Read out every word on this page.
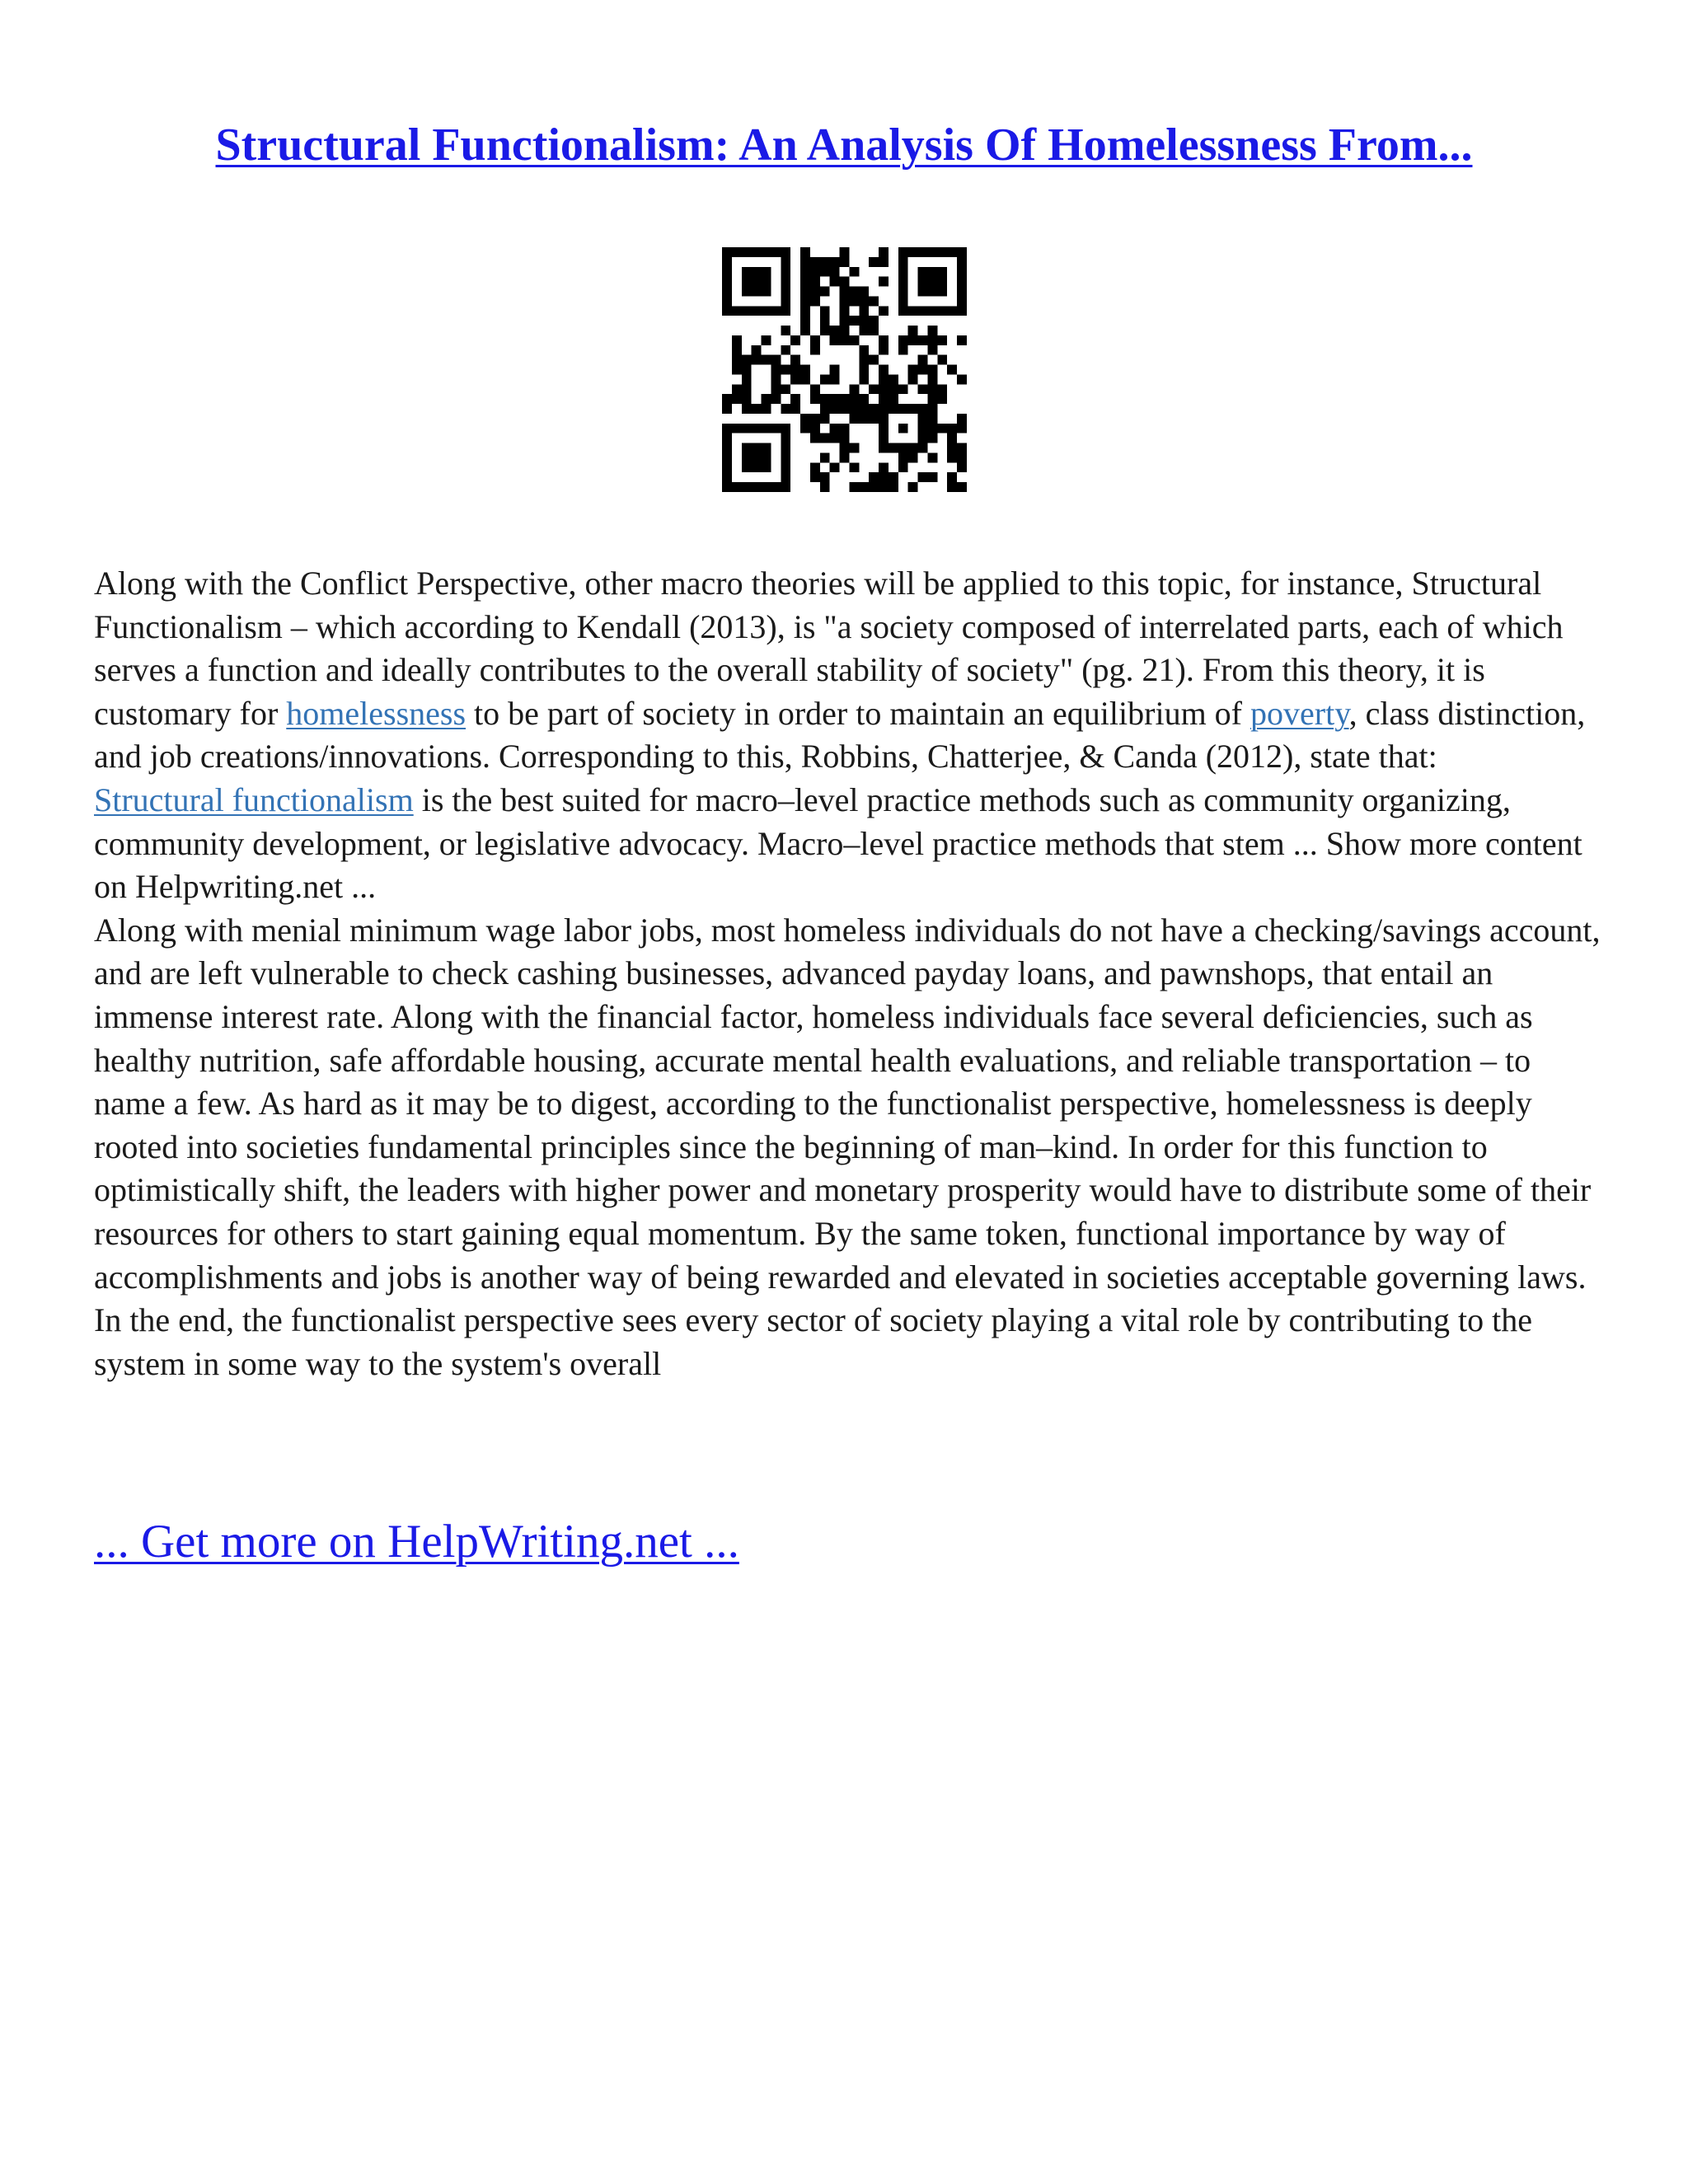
Structural Functionalism: An Analysis Of Homelessness From...

Along with the Conflict Perspective, other macro theories will be applied to this topic, for instance, Structural Functionalism – which according to Kendall (2013), is "a society composed of interrelated parts, each of which serves a function and ideally contributes to the overall stability of society" (pg. 21). From this theory, it is customary for homelessness to be part of society in order to maintain an equilibrium of poverty, class distinction, and job creations/innovations. Corresponding to this, Robbins, Chatterjee, & Canda (2012), state that:

Structural functionalism is the best suited for macro–level practice methods such as community organizing, community development, or legislative advocacy. Macro–level practice methods that stem ... Show more content on Helpwriting.net ...

Along with menial minimum wage labor jobs, most homeless individuals do not have a checking/savings account, and are left vulnerable to check cashing businesses, advanced payday loans, and pawnshops, that entail an immense interest rate. Along with the financial factor, homeless individuals face several deficiencies, such as healthy nutrition, safe affordable housing, accurate mental health evaluations, and reliable transportation – to name a few. As hard as it may be to digest, according to the functionalist perspective, homelessness is deeply rooted into societies fundamental principles since the beginning of man–kind. In order for this function to optimistically shift, the leaders with higher power and monetary prosperity would have to distribute some of their resources for others to start gaining equal momentum. By the same token, functional importance by way of accomplishments and jobs is another way of being rewarded and elevated in societies acceptable governing laws. In the end, the functionalist perspective sees every sector of society playing a vital role by contributing to the system in some way to the system's overall

... Get more on HelpWriting.net ...
